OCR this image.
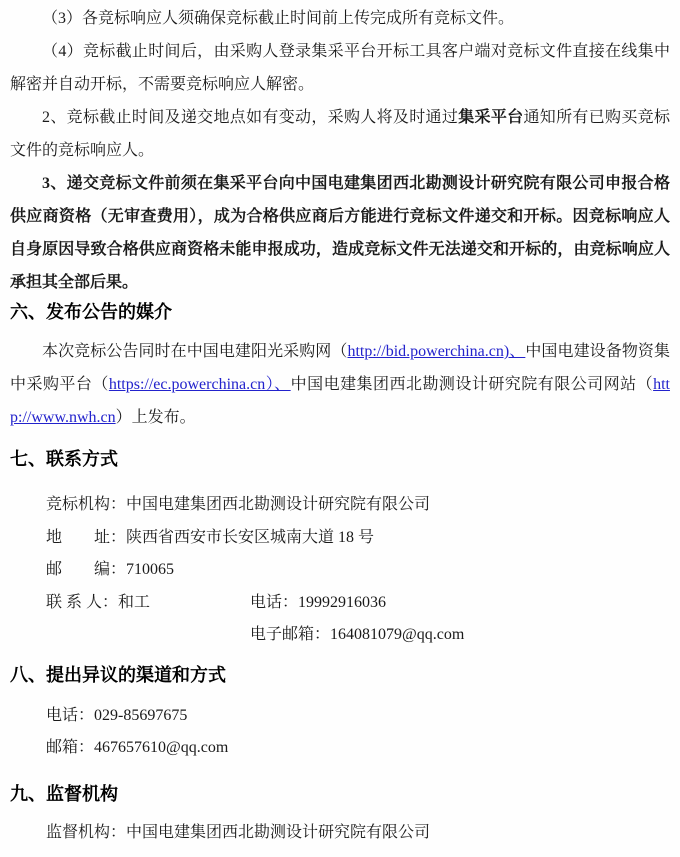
（3）各竞标响应人须确保竞标截止时间前上传完成所有竞标文件。

（4）竞标截止时间后，由采购人登录集采平台开标工具客户端对竞标文件直接在线集中解密并自动开标，不需要竞标响应人解密。

2、竞标截止时间及递交地点如有变动，采购人将及时通过集采平台通知所有已购买竞标文件的竞标响应人。

3、递交竞标文件前须在集采平台向中国电建集团西北勘测设计研究院有限公司申报合格供应商资格（无审查费用），成为合格供应商后方能进行竞标文件递交和开标。因竞标响应人自身原因导致合格供应商资格未能申报成功，造成竞标文件无法递交和开标的，由竞标响应人承担其全部后果。

六、发布公告的媒介

本次竞标公告同时在中国电建阳光采购网（http://bid.powerchina.cn)、中国电建设备物资集中采购平台（https://ec.powerchina.cn）、中国电建集团西北勘测设计研究院有限公司网站（http://www.nwh.cn）上发布。

七、联系方式

竞标机构：中国电建集团西北勘测设计研究院有限公司

地　　址：陕西省西安市长安区城南大道 18 号

邮　　编：710065

联 系 人：和工	电话：19992916036

电子邮箱：164081079@qq.com

八、提出异议的渠道和方式

电话：029-85697675

邮箱：467657610@qq.com

九、监督机构

监督机构：中国电建集团西北勘测设计研究院有限公司
